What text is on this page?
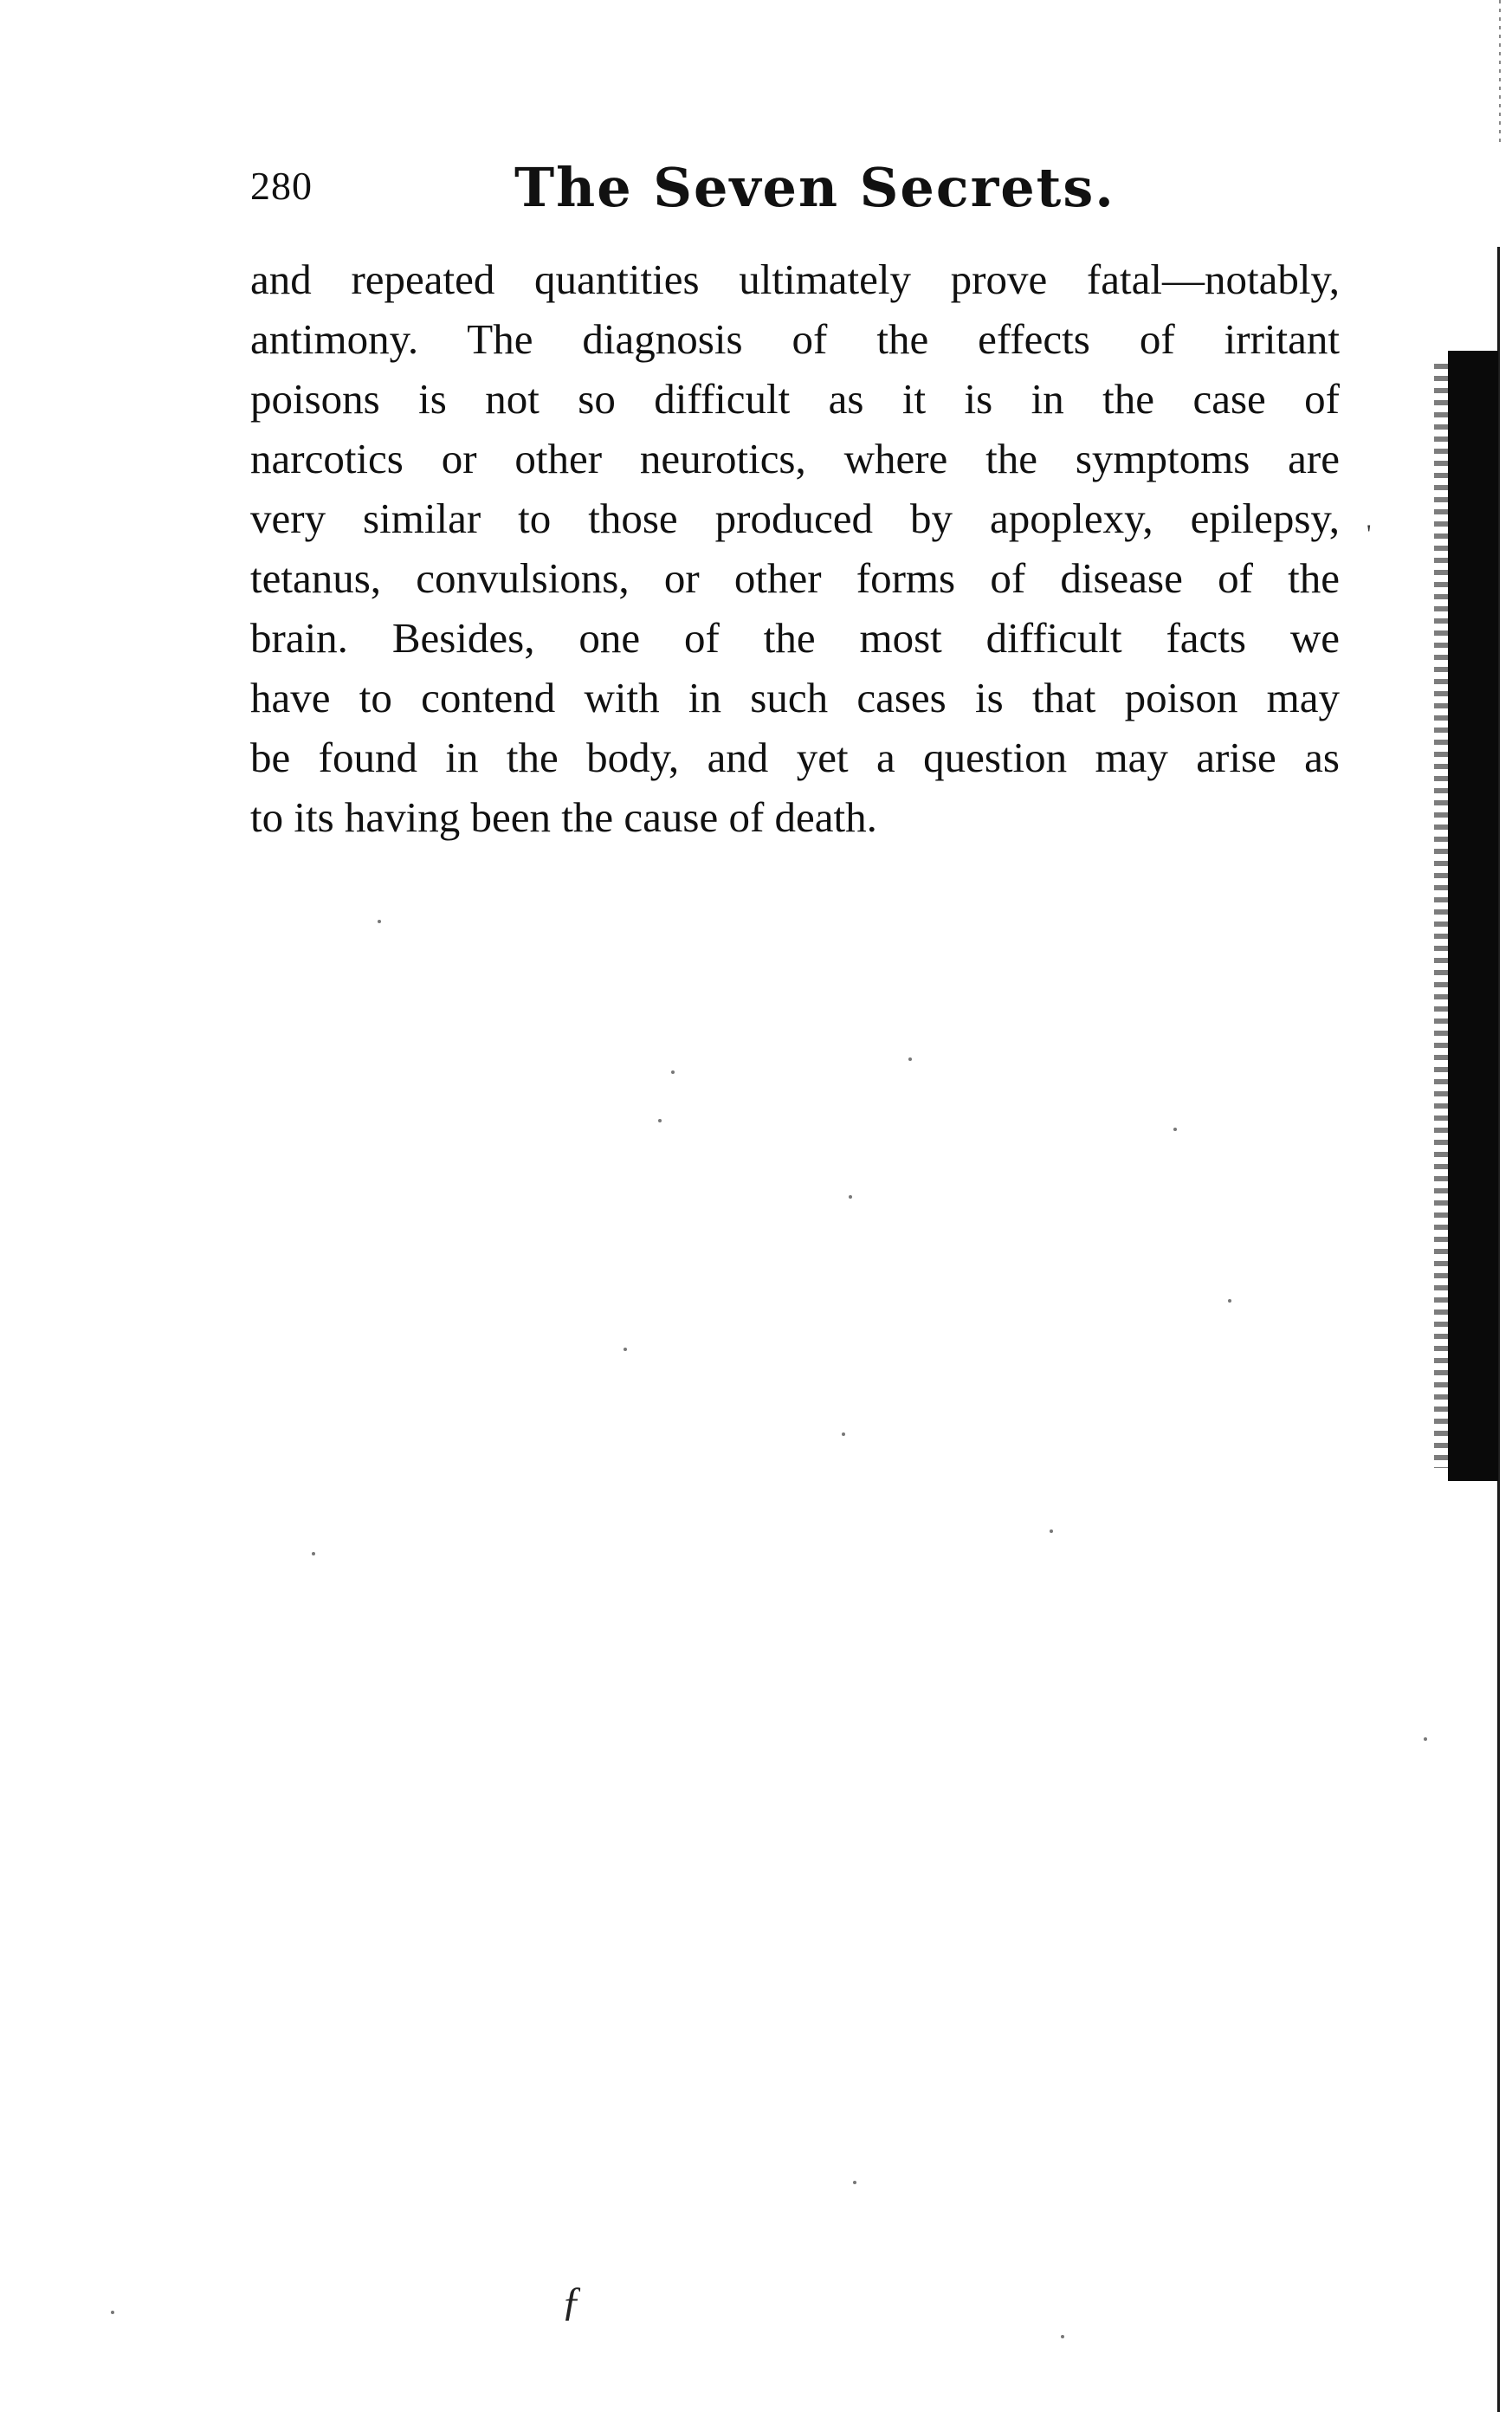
280	The Seven Secrets.
and repeated quantities ultimately prove fatal—notably,
antimony. The diagnosis of the effects of irritant
poisons is not so difficult as it is in the case of
narcotics or other neurotics, where the symptoms are
very similar to those produced by apoplexy, epilepsy,
tetanus, convulsions, or other forms of disease of the
brain. Besides, one of the most difficult facts we
have to contend with in such cases is that poison may
be found in the body, and yet a question may arise as
to its having been the cause of death.
'
ƒ
